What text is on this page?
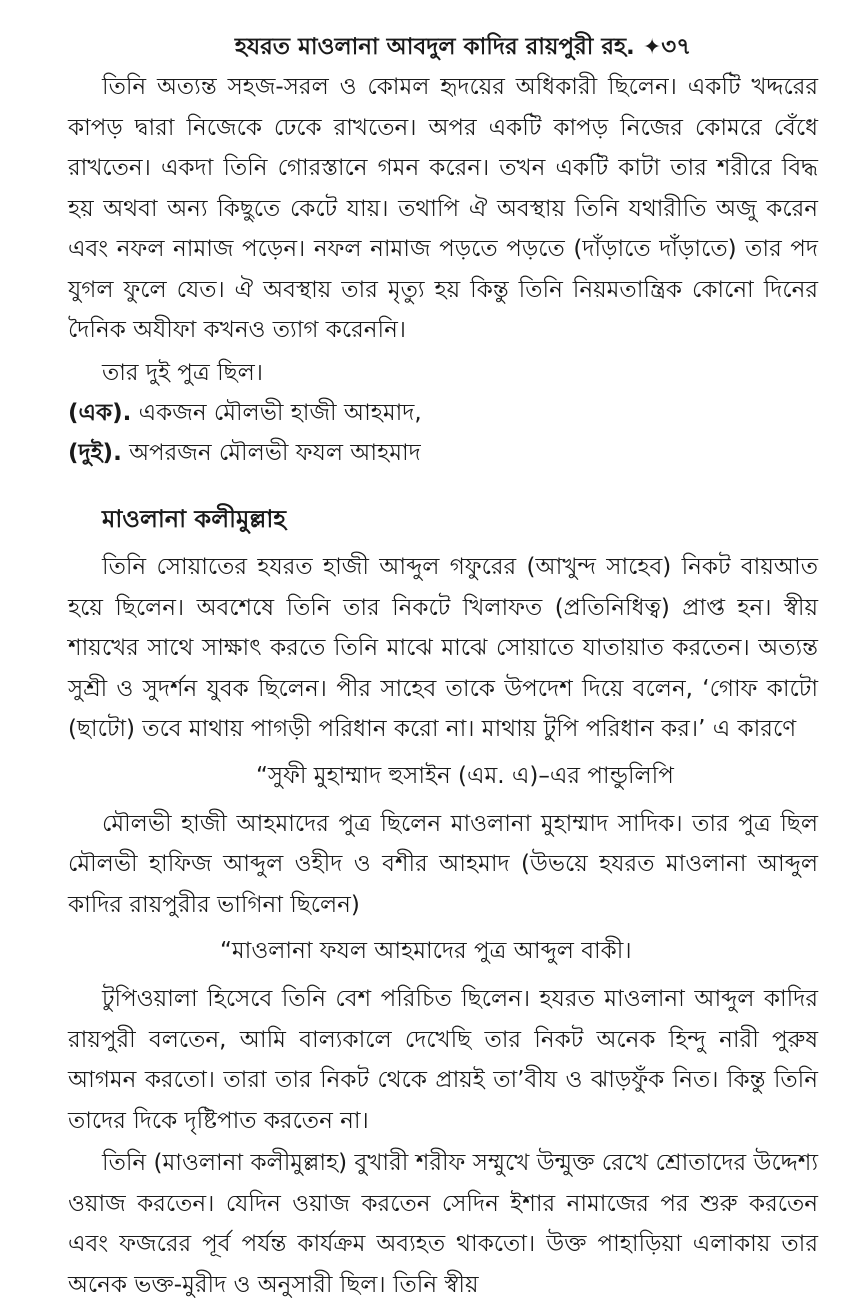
হযরত মাওলানা আবদুল কাদির রায়পুরী রহ. ✦৩৭

তিনি অত্যন্ত সহজ-সরল ও কোমল হৃদয়ের অধিকারী ছিলেন। একটি খদ্দরের কাপড় দ্বারা নিজেকে ঢেকে রাখতেন। অপর একটি কাপড় নিজের কোমরে বেঁধে রাখতেন। একদা তিনি গোরস্তানে গমন করেন। তখন একটি কাটা তার শরীরে বিদ্ধ হয় অথবা অন্য কিছুতে কেটে যায়। তথাপি ঐ অবস্থায় তিনি যথারীতি অজু করেন এবং নফল নামাজ পড়েন। নফল নামাজ পড়তে পড়তে (দাঁড়াতে দাঁড়াতে) তার পদ যুগল ফুলে যেত। ঐ অবস্থায় তার মৃত্যু হয় কিন্তু তিনি নিয়মতান্ত্রিক কোনো দিনের দৈনিক অযীফা কখনও ত্যাগ করেননি।

তার দুই পুত্র ছিল।

(এক). একজন মৌলভী হাজী আহমাদ,
(দুই). অপরজন মৌলভী ফযল আহমাদ
মাওলানা কলীমুল্লাহ

তিনি সোয়াতের হযরত হাজী আব্দুল গফুরের (আখুন্দ সাহেব) নিকট বায়আত হয়ে ছিলেন। অবশেষে তিনি তার নিকটে খিলাফত (প্রতিনিধিত্ব) প্রাপ্ত হন। স্বীয় শায়খের সাথে সাক্ষাৎ করতে তিনি মাঝে মাঝে সোয়াতে যাতায়াত করতেন। অত্যন্ত সুশ্রী ও সুদর্শন যুবক ছিলেন। পীর সাহেব তাকে উপদেশ দিয়ে বলেন, ‘গোফ কাটো (ছাটো) তবে মাথায় পাগড়ী পরিধান করো না। মাথায় টুপি পরিধান কর।’ এ কারণে

“সুফী মুহাম্মাদ হুসাইন (এম. এ)–এর পান্ডুলিপি

মৌলভী হাজী আহমাদের পুত্র ছিলেন মাওলানা মুহাম্মাদ সাদিক। তার পুত্র ছিল মৌলভী হাফিজ আব্দুল ওহীদ ও বশীর আহমাদ (উভয়ে হযরত মাওলানা আব্দুল কাদির রায়পুরীর ভাগিনা ছিলেন)

“মাওলানা ফযল আহমাদের পুত্র আব্দুল বাকী।

টুপিওয়ালা হিসেবে তিনি বেশ পরিচিত ছিলেন। হযরত মাওলানা আব্দুল কাদির রায়পুরী বলতেন, আমি বাল্যকালে দেখেছি তার নিকট অনেক হিন্দু নারী পুরুষ আগমন করতো। তারা তার নিকট থেকে প্রায়ই তা’বীয ও ঝাড়ফুঁক নিত। কিন্তু তিনি তাদের দিকে দৃষ্টিপাত করতেন না।

তিনি (মাওলানা কলীমুল্লাহ) বুখারী শরীফ সম্মুখে উন্মুক্ত রেখে শ্রোতাদের উদ্দেশ্য ওয়াজ করতেন। যেদিন ওয়াজ করতেন সেদিন ইশার নামাজের পর শুরু করতেন এবং ফজরের পূর্ব পর্যন্ত কার্যক্রম অব্যহত থাকতো। উক্ত পাহাড়িয়া এলাকায় তার অনেক ভক্ত-মুরীদ ও অনুসারী ছিল। তিনি স্বীয়
